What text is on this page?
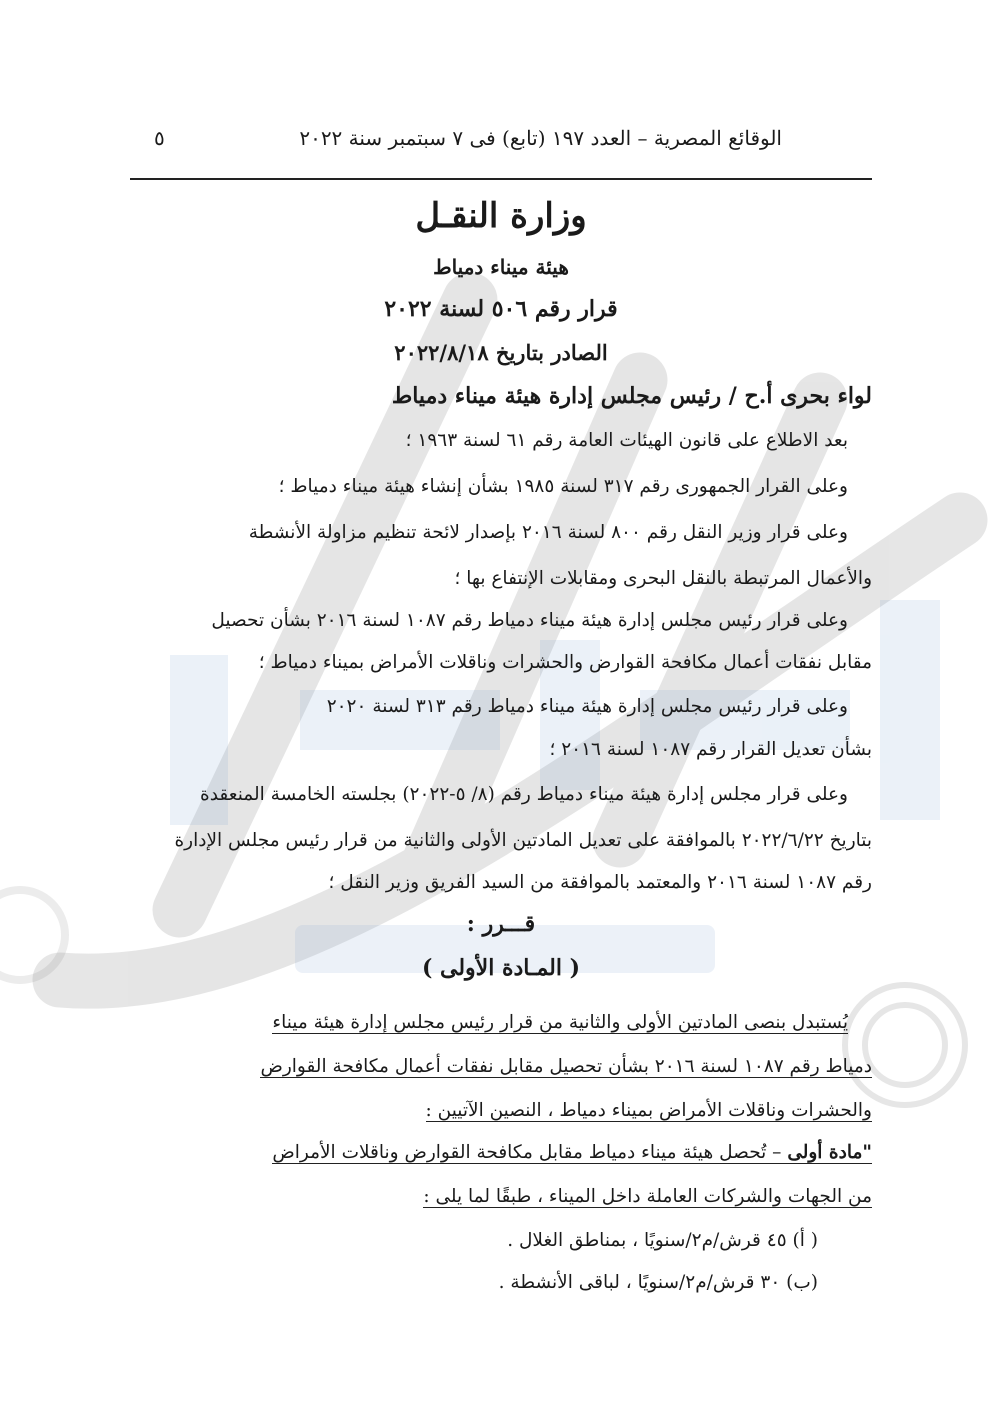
الوقائع المصرية – العدد ١٩٧ (تابع) فى ٧ سبتمبر سنة ٢٠٢٢
٥
وزارة النقـل
هيئة ميناء دمياط
قرار رقم ٥٠٦ لسنة ٢٠٢٢
الصادر بتاريخ ٢٠٢٢/٨/١٨
لواء بحرى أ.ح / رئيس مجلس إدارة هيئة ميناء دمياط
بعد الاطلاع على قانون الهيئات العامة رقم ٦١ لسنة ١٩٦٣ ؛
وعلى القرار الجمهورى رقم ٣١٧ لسنة ١٩٨٥ بشأن إنشاء هيئة ميناء دمياط ؛
وعلى قرار وزير النقل رقم ٨٠٠ لسنة ٢٠١٦ بإصدار لائحة تنظيم مزاولة الأنشطة
والأعمال المرتبطة بالنقل البحرى ومقابلات الإنتفاع بها ؛
وعلى قرار رئيس مجلس إدارة هيئة ميناء دمياط رقم ١٠٨٧ لسنة ٢٠١٦ بشأن تحصيل
مقابل نفقات أعمال مكافحة القوارض والحشرات وناقلات الأمراض بميناء دمياط ؛
وعلى قرار رئيس مجلس إدارة هيئة ميناء دمياط رقم ٣١٣ لسنة ٢٠٢٠
بشأن تعديل القرار رقم ١٠٨٧ لسنة ٢٠١٦ ؛
وعلى قرار مجلس إدارة هيئة ميناء دمياط رقم (٨/ ٥-٢٠٢٢) بجلسته الخامسة المنعقدة
بتاريخ ٢٠٢٢/٦/٢٢ بالموافقة على تعديل المادتين الأولى والثانية من قرار رئيس مجلس الإدارة
رقم ١٠٨٧ لسنة ٢٠١٦ والمعتمد بالموافقة من السيد الفريق وزير النقل ؛
قـــرر :
( المـادة الأولى )
يُستبدل بنصى المادتين الأولى والثانية من قرار رئيس مجلس إدارة هيئة ميناء
دمياط رقم ١٠٨٧ لسنة ٢٠١٦ بشأن تحصيل مقابل نفقات أعمال مكافحة القوارض
والحشرات وناقلات الأمراض بميناء دمياط ، النصين الآتيين :
"مادة أولى – تُحصل هيئة ميناء دمياط مقابل مكافحة القوارض وناقلات الأمراض
من الجهات والشركات العاملة داخل الميناء ، طبقًا لما يلى :
( أ) ٤٥ قرش/م٢/سنويًا ، بمناطق الغلال .
(ب) ٣٠ قرش/م٢/سنويًا ، لباقى الأنشطة .
